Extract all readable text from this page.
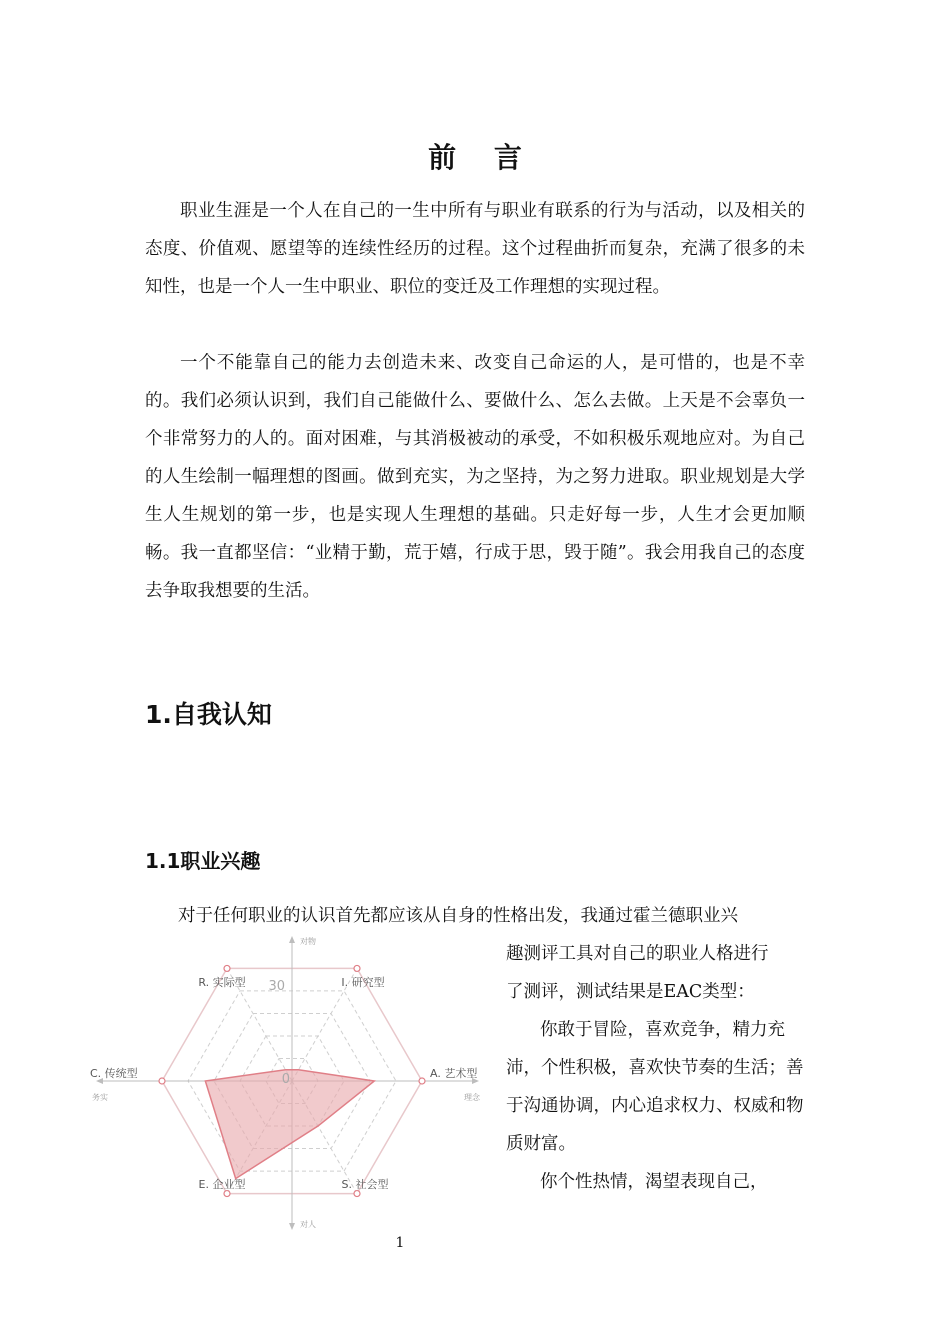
前 言

职业生涯是一个人在自己的一生中所有与职业有联系的行为与活动，以及相关的态度、价值观、愿望等的连续性经历的过程。这个过程曲折而复杂，充满了很多的未知性，也是一个人一生中职业、职位的变迁及工作理想的实现过程。

一个不能靠自己的能力去创造未来、改变自己命运的人，是可惜的，也是不幸的。我们必须认识到，我们自己能做什么、要做什么、怎么去做。上天是不会辜负一个非常努力的人的。面对困难，与其消极被动的承受，不如积极乐观地应对。为自己的人生绘制一幅理想的图画。做到充实，为之坚持，为之努力进取。职业规划是大学生人生规划的第一步，也是实现人生理想的基础。只走好每一步，人生才会更加顺畅。我一直都坚信：“业精于勤，荒于嬉，行成于思，毁于随”。我会用我自己的态度去争取我想要的生活。

1.自我认知
1.1职业兴趣

对于任何职业的认识首先都应该从自身的性格出发，我通过霍兰德职业兴

趣测评工具对自己的职业人格进行

了测评，测试结果是EAC类型：

你敢于冒险，喜欢竞争，精力充沛，个性积极，喜欢快节奏的生活；善于沟通协调，内心追求权力、权威和物质财富。

你个性热情，渴望表现自己，

R. 实际型	I. 研究型
A. 艺术型
S. 社会型
E. 企业型
C. 传统型
对物
对人
务实	理念
30
0
1
